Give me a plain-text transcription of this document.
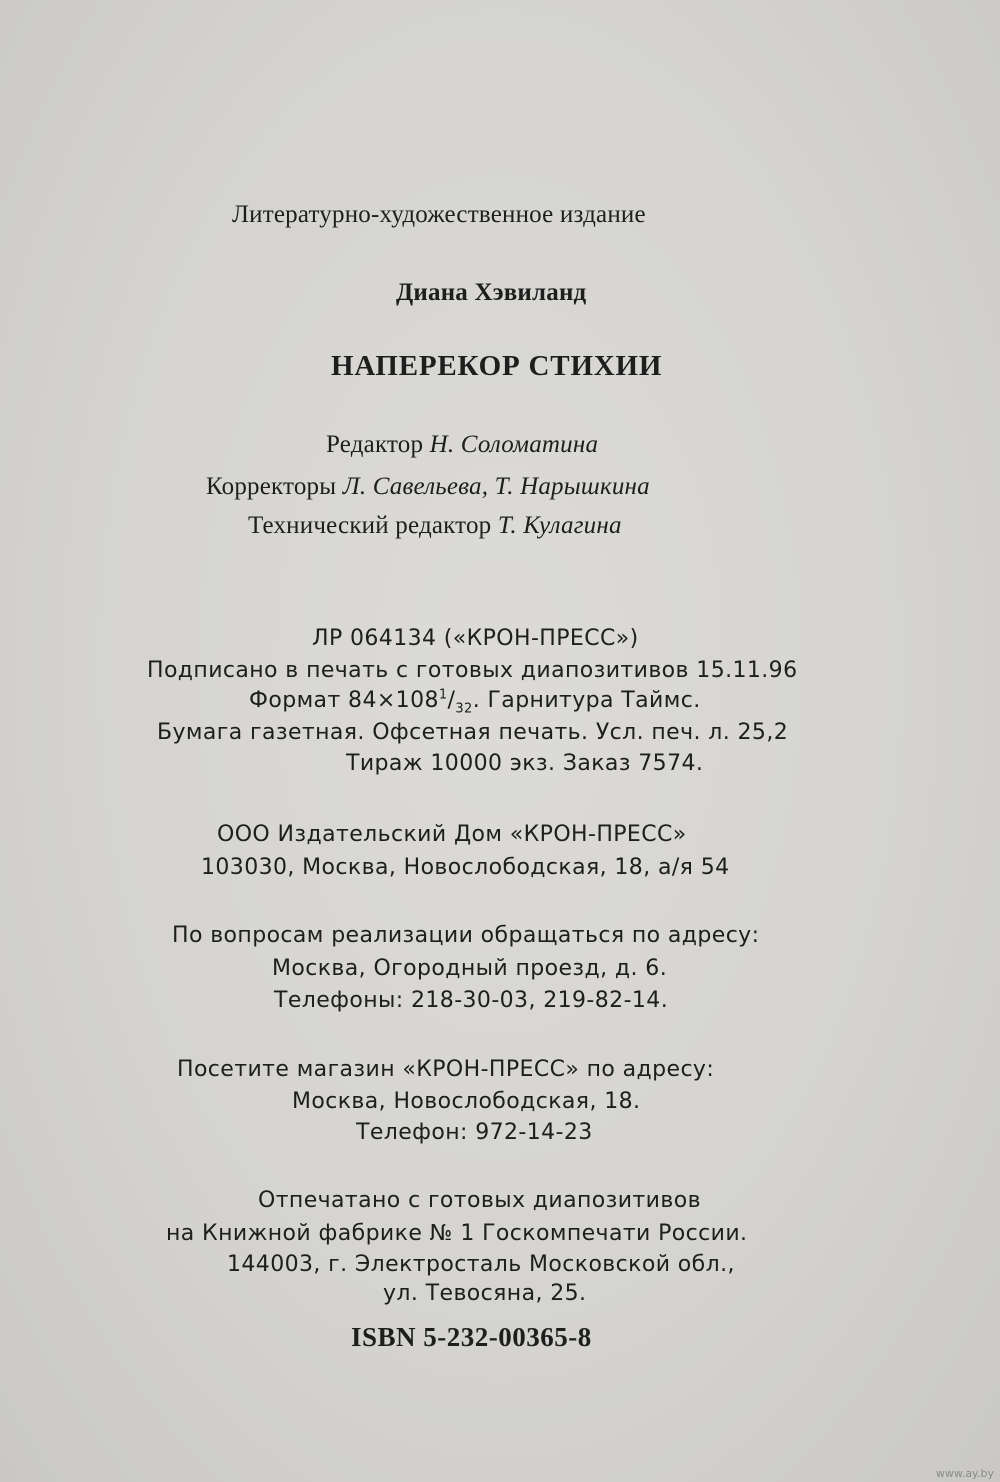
Литературно-художественное издание
Диана Хэвиланд
НАПЕРЕКОР СТИХИИ
Редактор Н. Соломатина
Корректоры Л. Савельева, Т. Нарышкина
Технический редактор Т. Кулагина
ЛР 064134 («КРОН-ПРЕСС»)
Подписано в печать с готовых диапозитивов 15.11.96
Формат $84\times 108^1/_{32}$. Гарнитура Таймс.
Бумага газетная. Офсетная печать. Усл. печ. л. 25,2
Тираж 10000 экз. Заказ 7574.
ООО Издательский Дом «КРОН-ПРЕСС»
103030, Москва, Новослободская, 18, а/я 54
По вопросам реализации обращаться по адресу:
Москва, Огородный проезд, д. 6.
Телефоны: 218-30-03, 219-82-14.
Посетите магазин «КРОН-ПРЕСС» по адресу:
Москва, Новослободская, 18.
Телефон: 972-14-23
Отпечатано с готовых диапозитивов
на Книжной фабрике № 1 Госкомпечати России.
144003, г. Электросталь Московской обл.,
ул. Тевосяна, 25.
ISBN 5-232-00365-8
www.ay.by
